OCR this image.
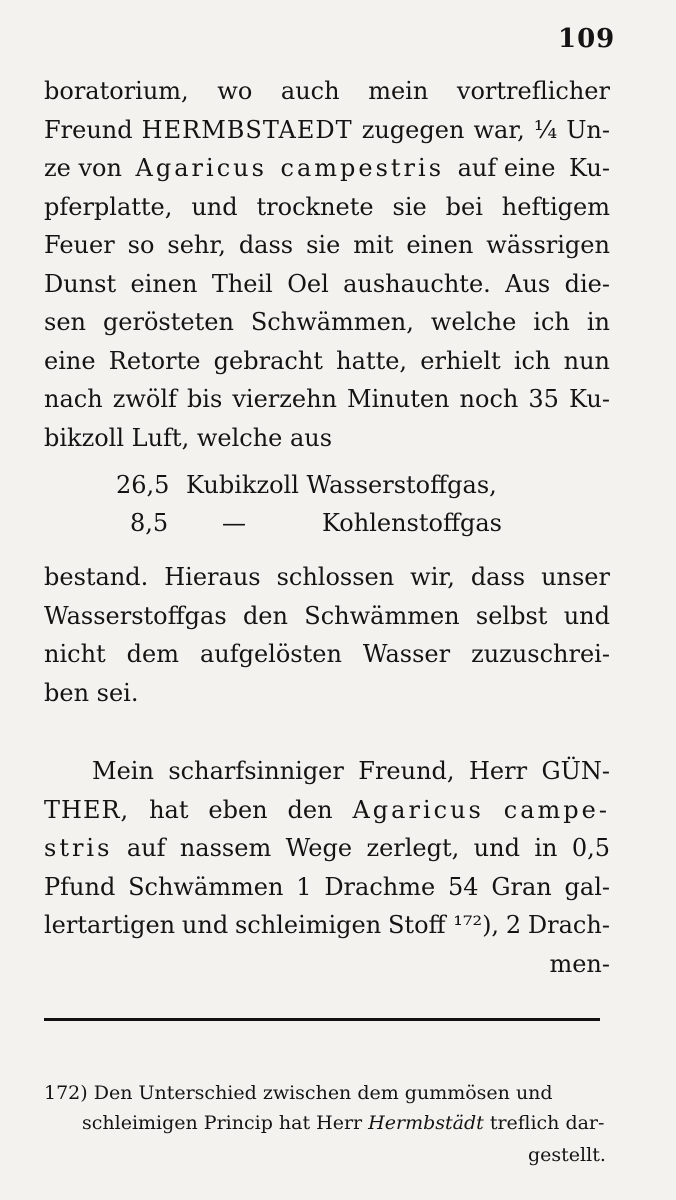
109
boratorium, wo auch mein vortreflicher
Freund HERMBSTAEDT zugegen war, ¼ Un-
ze von Agaricus campestris auf eine Ku-
pferplatte, und trocknete sie bei heftigem
Feuer so sehr, dass sie mit einen wässrigen
Dunst einen Theil Oel aushauchte. Aus die-
sen gerösteten Schwämmen, welche ich in
eine Retorte gebracht hatte, erhielt ich nun
nach zwölf bis vierzehn Minuten noch 35 Ku-
bikzoll Luft, welche aus
26,5 Kubikzoll Wasserstoffgas,
8,5 —	Kohlenstoffgas
bestand. Hieraus schlossen wir, dass unser
Wasserstoffgas den Schwämmen selbst und
nicht dem aufgelösten Wasser zuzuschrei-
ben sei.
Mein scharfsinniger Freund, Herr GÜN-
THER, hat eben den Agaricus campe-
stris auf nassem Wege zerlegt, und in 0,5
Pfund Schwämmen 1 Drachme 54 Gran gal-
lertartigen und schleimigen Stoff ¹⁷²), 2 Drach-
men-
172) Den Unterschied zwischen dem gummösen und
schleimigen Princip hat Herr Hermbstädt treflich dar-
gestellt.
